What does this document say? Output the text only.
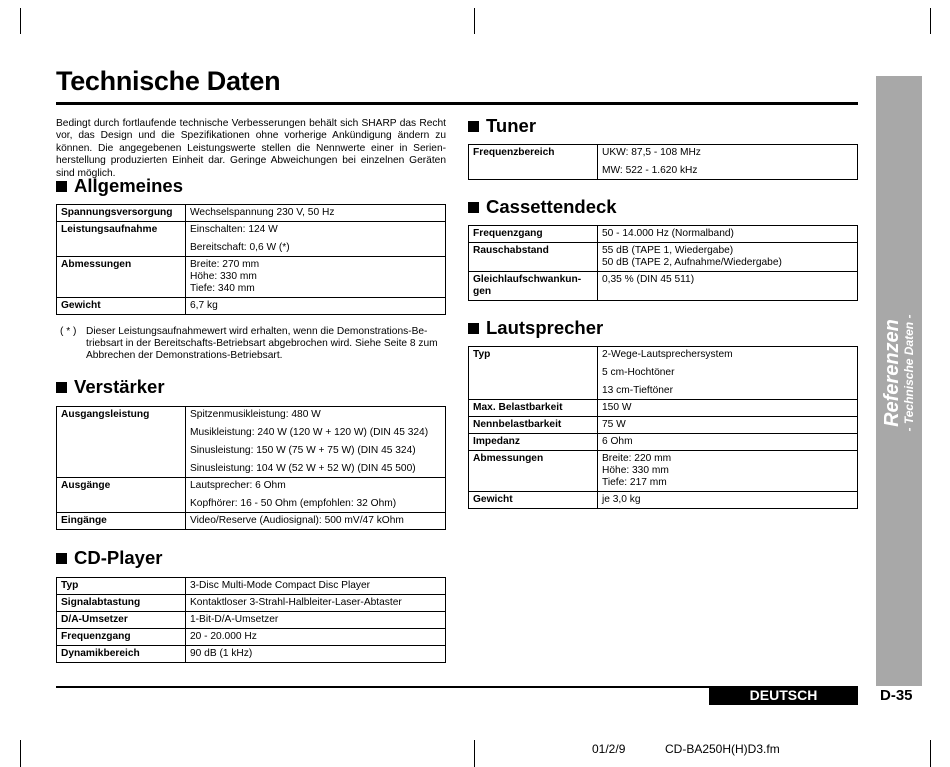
Technische Daten
Bedingt durch fortlaufende technische Verbesserungen behält sich SHARP das Recht vor, das Design und die Spezifikationen ohne vorherige Ankündigung ändern zu können. Die angegebenen Leistungswerte stellen die Nennwerte einer in Serien-herstellung produzierten Einheit dar. Geringe Abweichungen bei einzelnen Geräten sind möglich.
Allgemeines
Spannungsversorgung	Wechselspannung 230 V, 50 Hz

Leistungsaufnahme	Einschalten: 124 W
Bereitschaft: 0,6 W (*)

Abmessungen	Breite: 270 mm
Höhe: 330 mm
Tiefe: 340 mm

Gewicht	6,7 kg
( * ) Dieser Leistungsaufnahmewert wird erhalten, wenn die Demonstrations-Be-triebsart in der Bereitschafts-Betriebsart abgebrochen wird. Siehe Seite 8 zum Abbrechen der Demonstrations-Betriebsart.
Verstärker
Ausgangsleistung	Spitzenmusikleistung: 480 W
Musikleistung: 240 W (120 W + 120 W) (DIN 45 324)
Sinusleistung: 150 W (75 W + 75 W) (DIN 45 324)
Sinusleistung: 104 W (52 W + 52 W) (DIN 45 500)

Ausgänge	Lautsprecher: 6 Ohm
Kopfhörer: 16 - 50 Ohm (empfohlen: 32 Ohm)

Eingänge	Video/Reserve (Audiosignal): 500 mV/47 kOhm
CD-Player
Typ	3-Disc Multi-Mode Compact Disc Player

Signalabtastung	Kontaktloser 3-Strahl-Halbleiter-Laser-Abtaster

D/A-Umsetzer	1-Bit-D/A-Umsetzer

Frequenzgang	20 - 20.000 Hz

Dynamikbereich	90 dB (1 kHz)
Tuner
Frequenzbereich	UKW: 87,5 - 108 MHz
MW: 522 - 1.620 kHz
Cassettendeck
Frequenzgang	50 - 14.000 Hz (Normalband)

Rauschabstand	55 dB (TAPE 1, Wiedergabe)
50 dB (TAPE 2, Aufnahme/Wiedergabe)

Gleichlaufschwankun-gen	0,35 % (DIN 45 511)
Lautsprecher
Typ	2-Wege-Lautsprechersystem
5 cm-Hochtöner
13 cm-Tieftöner

Max. Belastbarkeit	150 W

Nennbelastbarkeit	75 W

Impedanz	6 Ohm

Abmessungen	Breite: 220 mm
Höhe: 330 mm
Tiefe: 217 mm

Gewicht	je 3,0 kg
Referenzen - Technische Daten -
DEUTSCH	D-35
01/2/9	CD-BA250H(H)D3.fm
